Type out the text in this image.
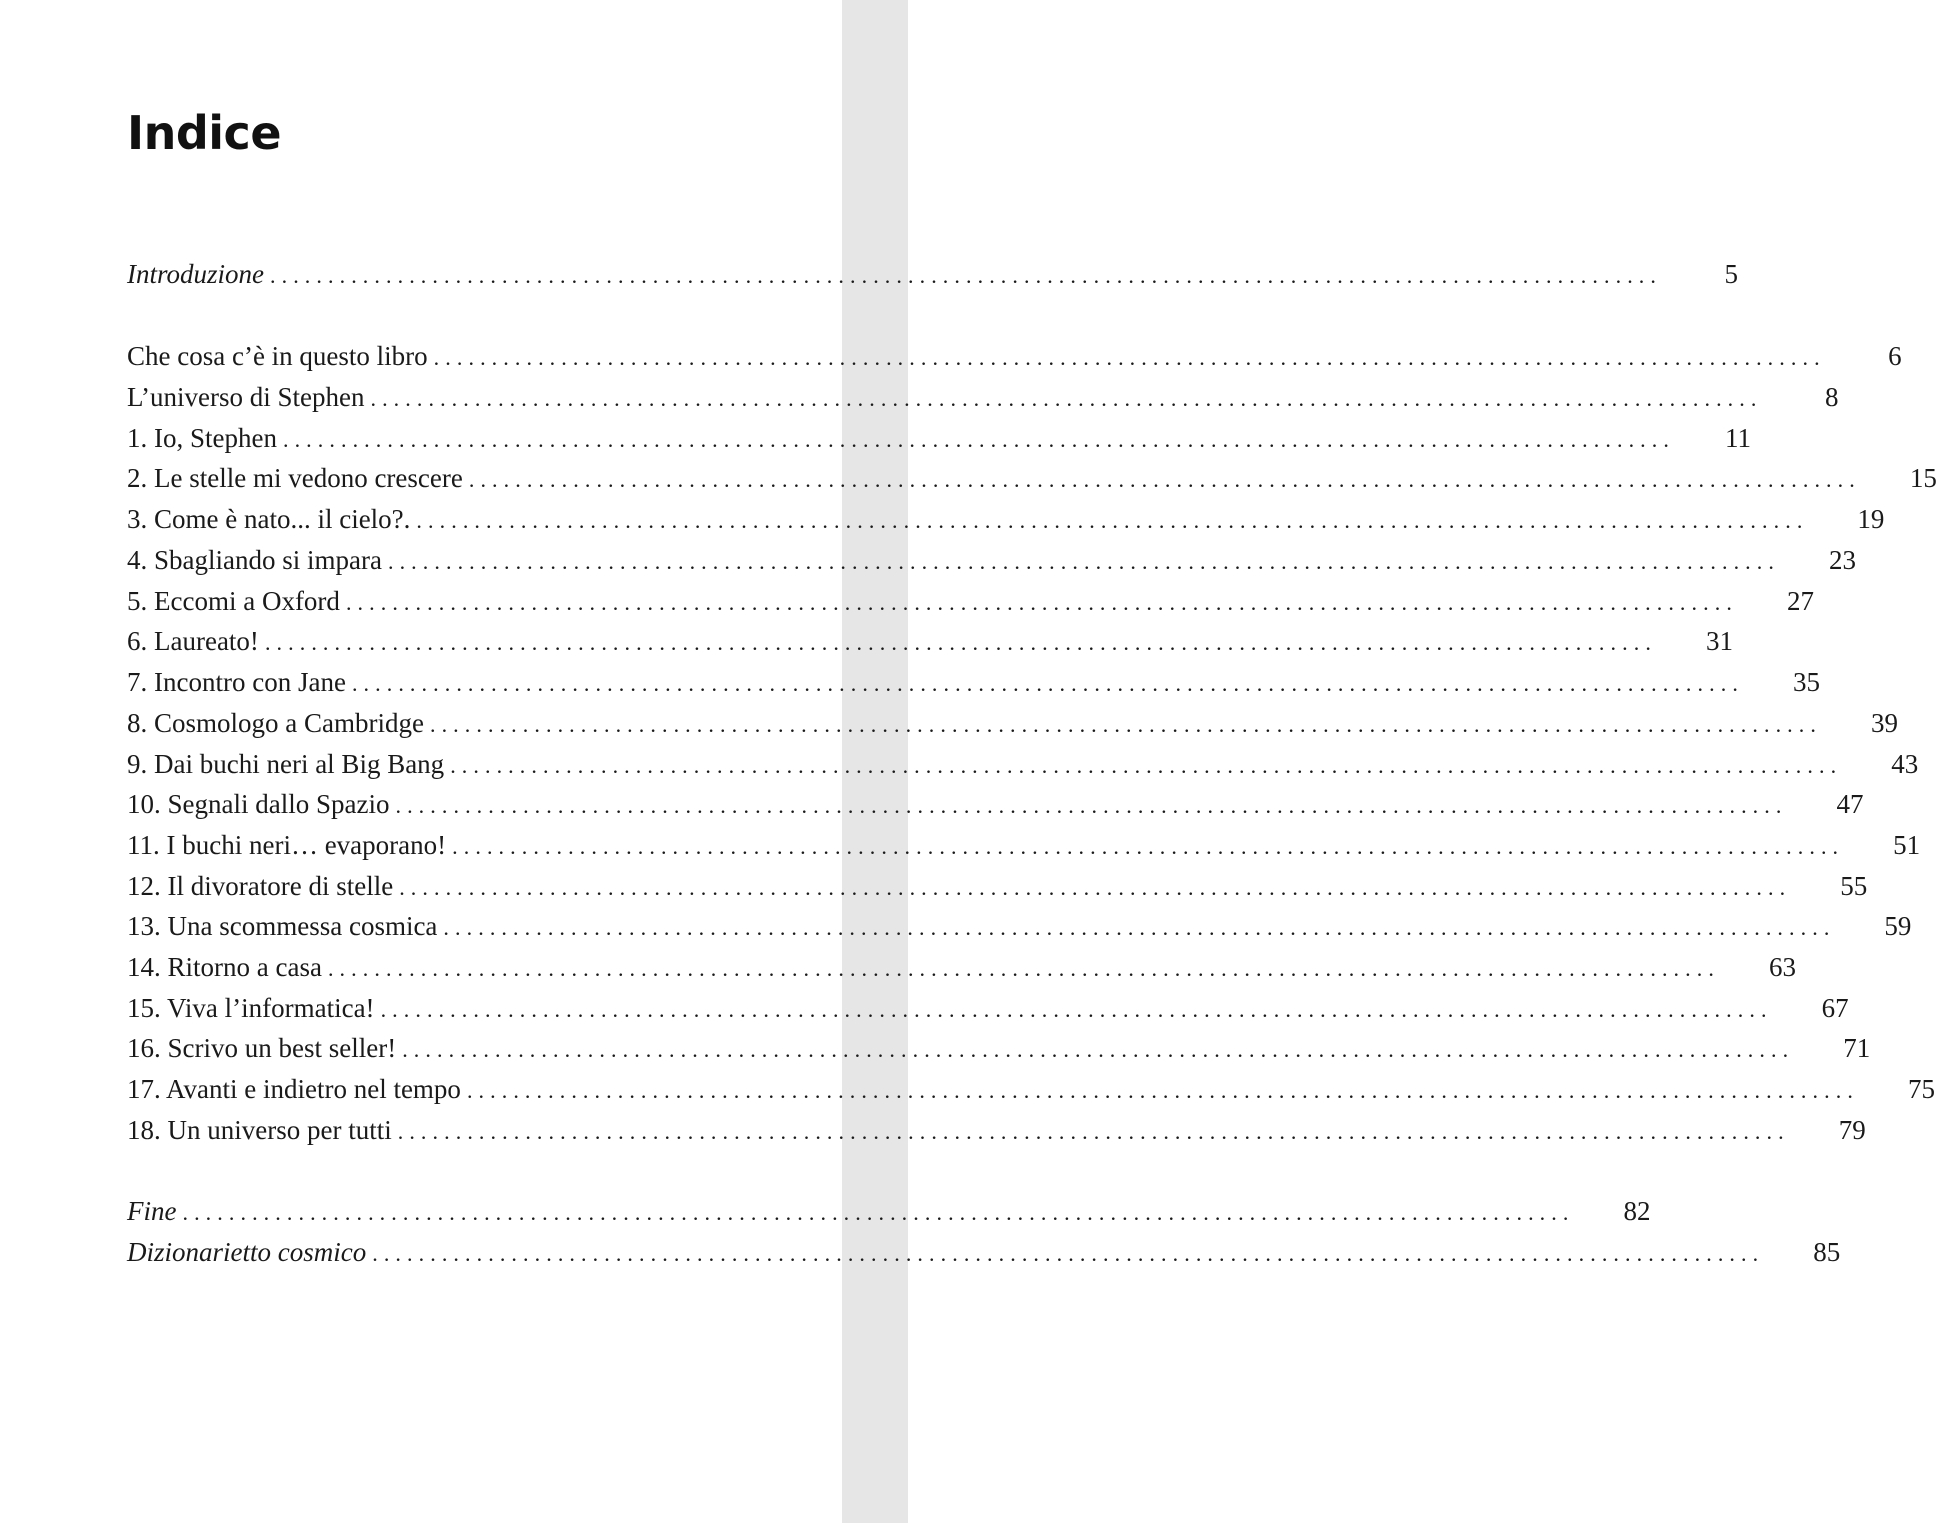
Indice
Introduzione ........................................................................................................................	5
Che cosa c’è in questo libro ........................................................................................................................	6
L’universo di Stephen ........................................................................................................................	8
1. Io, Stephen ........................................................................................................................	11
2. Le stelle mi vedono crescere ........................................................................................................................	15
3. Come è nato... il cielo?. ........................................................................................................................	19
4. Sbagliando si impara ........................................................................................................................	23
5. Eccomi a Oxford ........................................................................................................................	27
6. Laureato! ........................................................................................................................	31
7. Incontro con Jane ........................................................................................................................	35
8. Cosmologo a Cambridge ........................................................................................................................	39
9. Dai buchi neri al Big Bang ........................................................................................................................	43
10. Segnali dallo Spazio ........................................................................................................................	47
11. I buchi neri… evaporano! ........................................................................................................................	51
12. Il divoratore di stelle ........................................................................................................................	55
13. Una scommessa cosmica ........................................................................................................................	59
14. Ritorno a casa ........................................................................................................................	63
15. Viva l’informatica! ........................................................................................................................	67
16. Scrivo un best seller! ........................................................................................................................	71
17. Avanti e indietro nel tempo ........................................................................................................................	75
18. Un universo per tutti ........................................................................................................................	79
Fine ........................................................................................................................	82
Dizionarietto cosmico ........................................................................................................................	85
